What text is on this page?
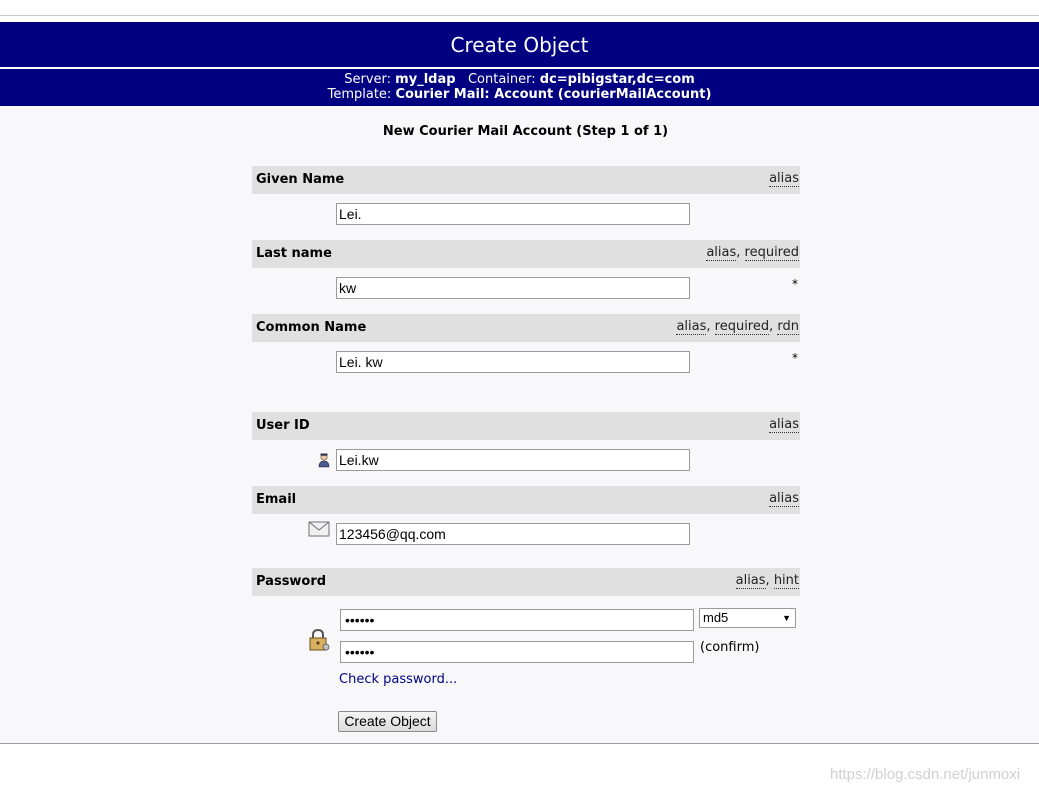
Create Object
Server: my_ldap Container: dc=pibigstar,dc=com
Template: Courier Mail: Account (courierMailAccount)
New Courier Mail Account (Step 1 of 1)
Given Name	alias
Lei.
Last name	alias, required
kw
*
Common Name	alias, required, rdn
Lei. kw
*
User ID	alias
Lei.kw
Email	alias
123456@qq.com
Password	alias, hint
••••••	md5	▼
••••••	(confirm)
Check password...
Create Object
https://blog.csdn.net/junmoxi
